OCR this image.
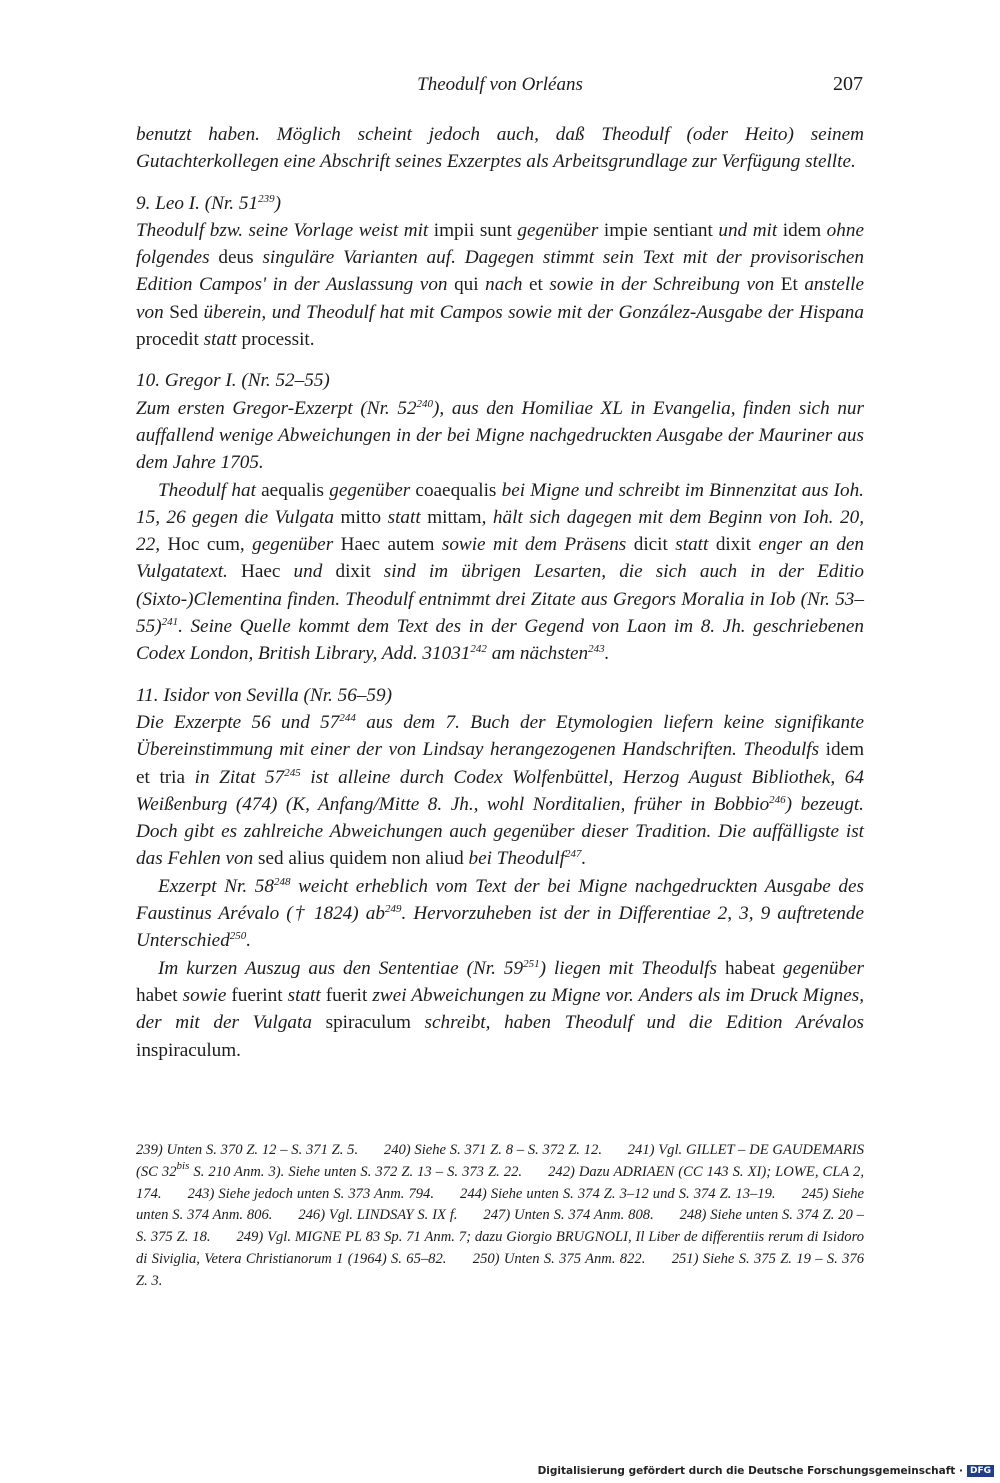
Theodulf von Orléans	207

benutzt haben. Möglich scheint jedoch auch, daß Theodulf (oder Heito) seinem Gutachterkollegen eine Abschrift seines Exzerptes als Arbeitsgrundlage zur Verfügung stellte.

9. Leo I. (Nr. $51^{239}$)

Theodulf bzw. seine Vorlage weist mit impii sunt gegenüber impie sentiant und mit idem ohne folgendes deus singuläre Varianten auf. Dagegen stimmt sein Text mit der provisorischen Edition Campos' in der Auslassung von qui nach et sowie in der Schreibung von Et anstelle von Sed überein, und Theodulf hat mit Campos sowie mit der González-Ausgabe der Hispana procedit statt processit.

10. Gregor I. (Nr. 52–55)

Zum ersten Gregor-Exzerpt (Nr. $52^{240}$), aus den Homiliae XL in Evangelia, finden sich nur auffallend wenige Abweichungen in der bei Migne nachgedruckten Ausgabe der Mauriner aus dem Jahre 1705.

Theodulf hat aequalis gegenüber coaequalis bei Migne und schreibt im Binnenzitat aus Ioh. 15, 26 gegen die Vulgata mitto statt mittam, hält sich dagegen mit dem Beginn von Ioh. 20, 22, Hoc cum, gegenüber Haec autem sowie mit dem Präsens dicit statt dixit enger an den Vulgatatext. Haec und dixit sind im übrigen Lesarten, die sich auch in der Editio (Sixto-)Clementina finden. Theodulf entnimmt drei Zitate aus Gregors Moralia in Iob (Nr. 53–55)$^{241}$. Seine Quelle kommt dem Text des in der Gegend von Laon im 8. Jh. geschriebenen Codex London, British Library, Add. 31031$^{242}$ am nächsten$^{243}$.

11. Isidor von Sevilla (Nr. 56–59)

Die Exzerpte 56 und $57^{244}$ aus dem 7. Buch der Etymologien liefern keine signifikante Übereinstimmung mit einer der von Lindsay herangezogenen Handschriften. Theodulfs idem et tria in Zitat $57^{245}$ ist alleine durch Codex Wolfenbüttel, Herzog August Bibliothek, 64 Weißenburg (474) (K, Anfang/Mitte 8. Jh., wohl Norditalien, früher in Bobbio$^{246}$) bezeugt. Doch gibt es zahlreiche Abweichungen auch gegenüber dieser Tradition. Die auffälligste ist das Fehlen von sed alius quidem non aliud bei Theodulf$^{247}$.

Exzerpt Nr. $58^{248}$ weicht erheblich vom Text der bei Migne nachgedruckten Ausgabe des Faustinus Arévalo († 1824) $ab^{249}$. Hervorzuheben ist der in Differentiae 2, 3, 9 auftretende Unterschied$^{250}$.

Im kurzen Auszug aus den Sententiae (Nr. $59^{251}$) liegen mit Theodulfs habeat gegenüber habet sowie fuerint statt fuerit zwei Abweichungen zu Migne vor. Anders als im Druck Mignes, der mit der Vulgata spiraculum schreibt, haben Theodulf und die Edition Arévalos inspiraculum.

239) Unten S. 370 Z. 12 – S. 371 Z. 5. 240) Siehe S. 371 Z. 8 – S. 372 Z. 12. 241) Vgl. GILLET – DE GAUDEMARIS (SC $32^{bis}$ S. 210 Anm. 3). Siehe unten S. 372 Z. 13 – S. 373 Z. 22. 242) Dazu ADRIAEN (CC 143 S. XI); LOWE, CLA 2, 174. 243) Siehe jedoch unten S. 373 Anm. 794. 244) Siehe unten S. 374 Z. 3–12 und S. 374 Z. 13–19. 245) Siehe unten S. 374 Anm. 806. 246) Vgl. LINDSAY S. IX f. 247) Unten S. 374 Anm. 808. 248) Siehe unten S. 374 Z. 20 – S. 375 Z. 18. 249) Vgl. MIGNE PL 83 Sp. 71 Anm. 7; dazu Giorgio BRUGNOLI, Il Liber de differentiis rerum di Isidoro di Siviglia, Vetera Christianorum 1 (1964) S. 65–82. 250) Unten S. 375 Anm. 822. 251) Siehe S. 375 Z. 19 – S. 376 Z. 3.
Digitalisierung gefördert durch die Deutsche Forschungsgemeinschaft · DFG
